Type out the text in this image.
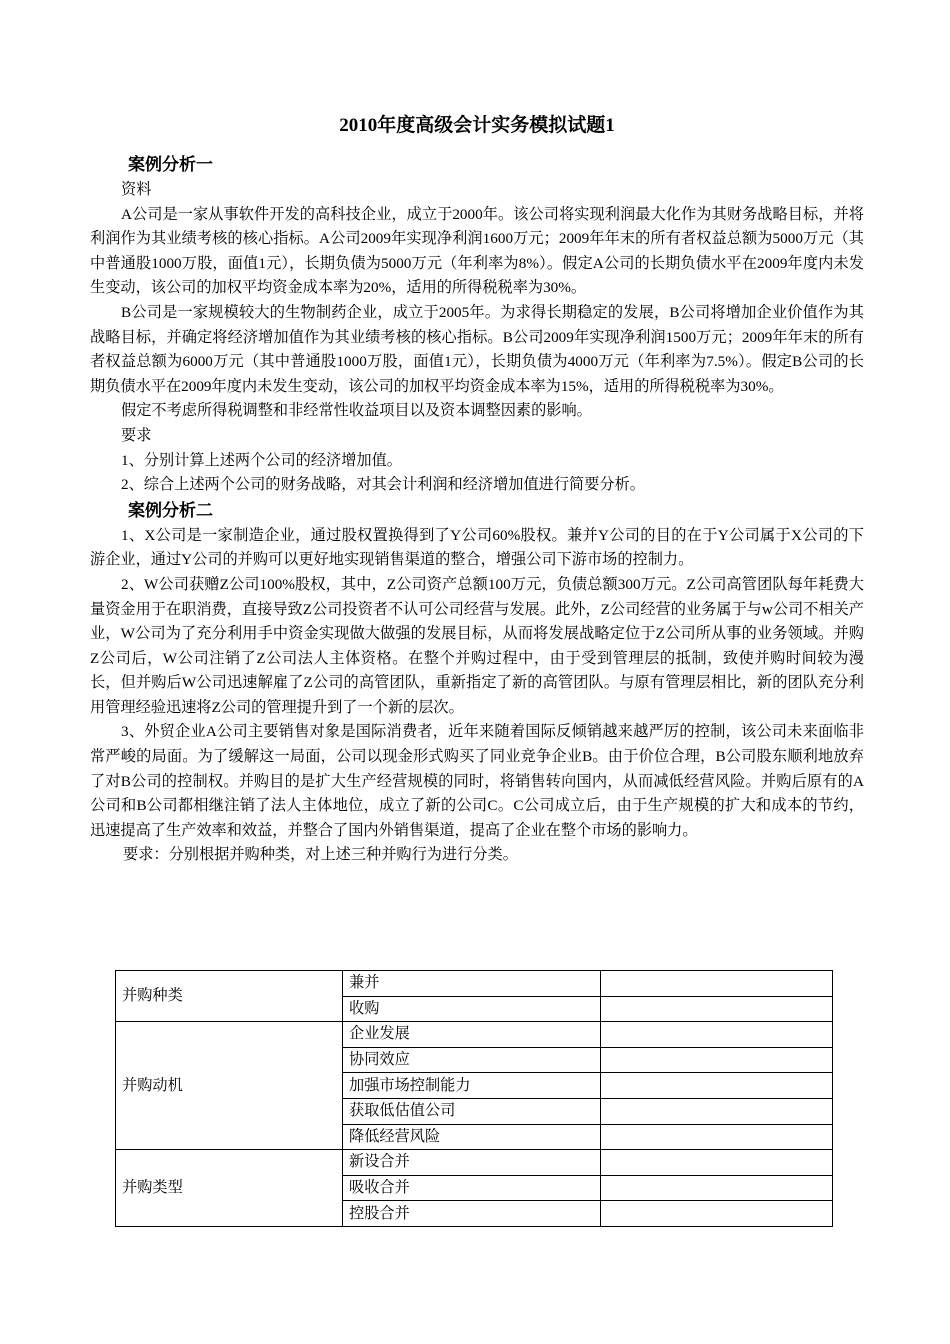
2010年度高级会计实务模拟试题1
案例分析一

资料

A公司是一家从事软件开发的高科技企业，成立于2000年。该公司将实现利润最大化作为其财务战略目标，并将利润作为其业绩考核的核心指标。A公司2009年实现净利润1600万元；2009年年末的所有者权益总额为5000万元（其中普通股1000万股，面值1元），长期负债为5000万元（年利率为8%）。假定A公司的长期负债水平在2009年度内未发生变动，该公司的加权平均资金成本率为20%，适用的所得税税率为30%。

B公司是一家规模较大的生物制药企业，成立于2005年。为求得长期稳定的发展，B公司将增加企业价值作为其战略目标，并确定将经济增加值作为其业绩考核的核心指标。B公司2009年实现净利润1500万元；2009年年末的所有者权益总额为6000万元（其中普通股1000万股，面值1元），长期负债为4000万元（年利率为7.5%）。假定B公司的长期负债水平在2009年度内未发生变动，该公司的加权平均资金成本率为15%，适用的所得税税率为30%。

假定不考虑所得税调整和非经常性收益项目以及资本调整因素的影响。

要求

1、分别计算上述两个公司的经济增加值。

2、综合上述两个公司的财务战略，对其会计利润和经济增加值进行简要分析。

案例分析二

1、X公司是一家制造企业，通过股权置换得到了Y公司60%股权。兼并Y公司的目的在于Y公司属于X公司的下游企业，通过Y公司的并购可以更好地实现销售渠道的整合，增强公司下游市场的控制力。

2、W公司获赠Z公司100%股权，其中，Z公司资产总额100万元，负债总额300万元。Z公司高管团队每年耗费大量资金用于在职消费，直接导致Z公司投资者不认可公司经营与发展。此外，Z公司经营的业务属于与w公司不相关产业，W公司为了充分利用手中资金实现做大做强的发展目标，从而将发展战略定位于Z公司所从事的业务领域。并购Z公司后，W公司注销了Z公司法人主体资格。在整个并购过程中，由于受到管理层的抵制，致使并购时间较为漫长，但并购后W公司迅速解雇了Z公司的高管团队，重新指定了新的高管团队。与原有管理层相比，新的团队充分利用管理经验迅速将Z公司的管理提升到了一个新的层次。

3、外贸企业A公司主要销售对象是国际消费者，近年来随着国际反倾销越来越严厉的控制，该公司未来面临非常严峻的局面。为了缓解这一局面，公司以现金形式购买了同业竞争企业B。由于价位合理，B公司股东顺利地放弃了对B公司的控制权。并购目的是扩大生产经营规模的同时，将销售转向国内，从而减低经营风险。并购后原有的A公司和B公司都相继注销了法人主体地位，成立了新的公司C。C公司成立后，由于生产规模的扩大和成本的节约，迅速提高了生产效率和效益，并整合了国内外销售渠道，提高了企业在整个市场的影响力。

要求：分别根据并购种类，对上述三种并购行为进行分类。

并购种类	兼并	
	收购	
并购动机	企业发展	
	协同效应	
	加强市场控制能力	
	获取低估值公司	
	降低经营风险	
并购类型	新设合并	
	吸收合并	
	控股合并	
